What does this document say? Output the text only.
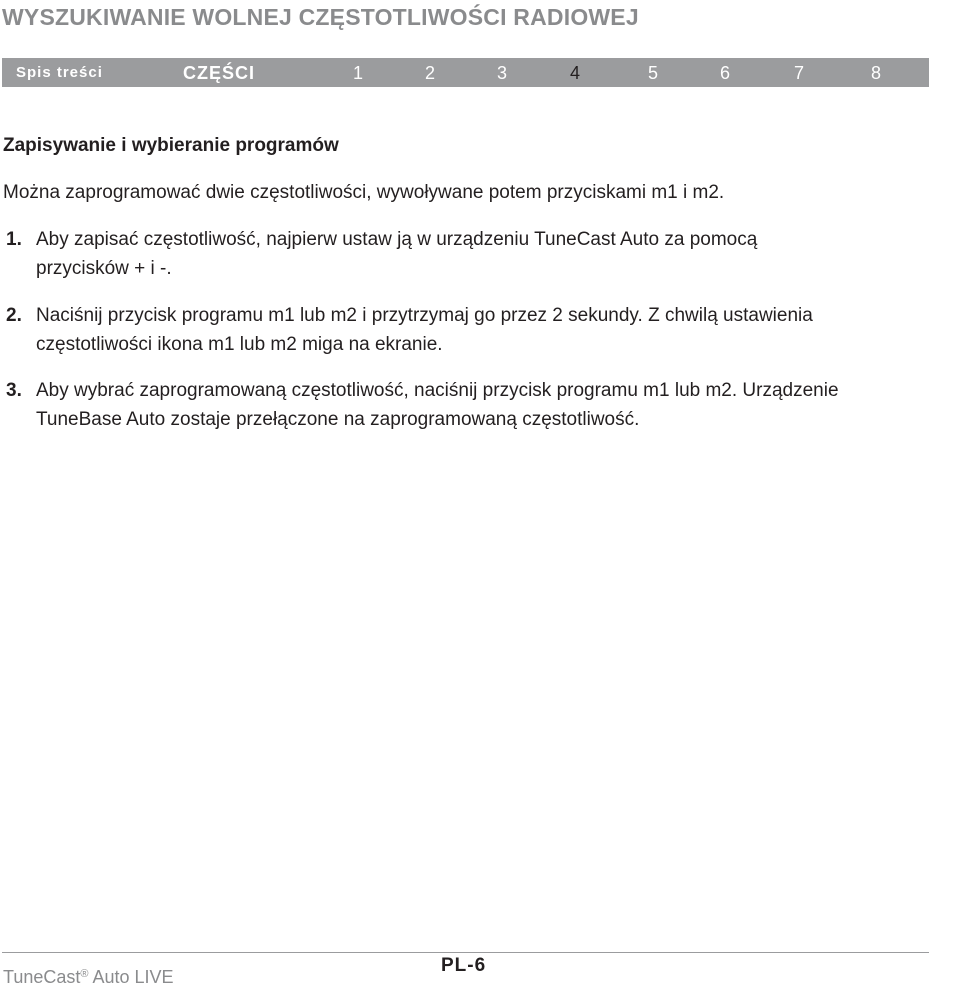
WYSZUKIWANIE WOLNEJ CZĘSTOTLIWOŚCI RADIOWEJ
Spis treści	CZĘŚCI	1	2	3	4	5	6	7	8
Zapisywanie i wybieranie programów
Można zaprogramować dwie częstotliwości, wywoływane potem przyciskami m1 i m2.
1. Aby zapisać częstotliwość, najpierw ustaw ją w urządzeniu TuneCast Auto za pomocą
przycisków + i -.
2. Naciśnij przycisk programu m1 lub m2 i przytrzymaj go przez 2 sekundy. Z chwilą ustawienia
częstotliwości ikona m1 lub m2 miga na ekranie.
3. Aby wybrać zaprogramowaną częstotliwość, naciśnij przycisk programu m1 lub m2. Urządzenie
TuneBase Auto zostaje przełączone na zaprogramowaną częstotliwość.
TuneCast® Auto LIVE
PL-6
